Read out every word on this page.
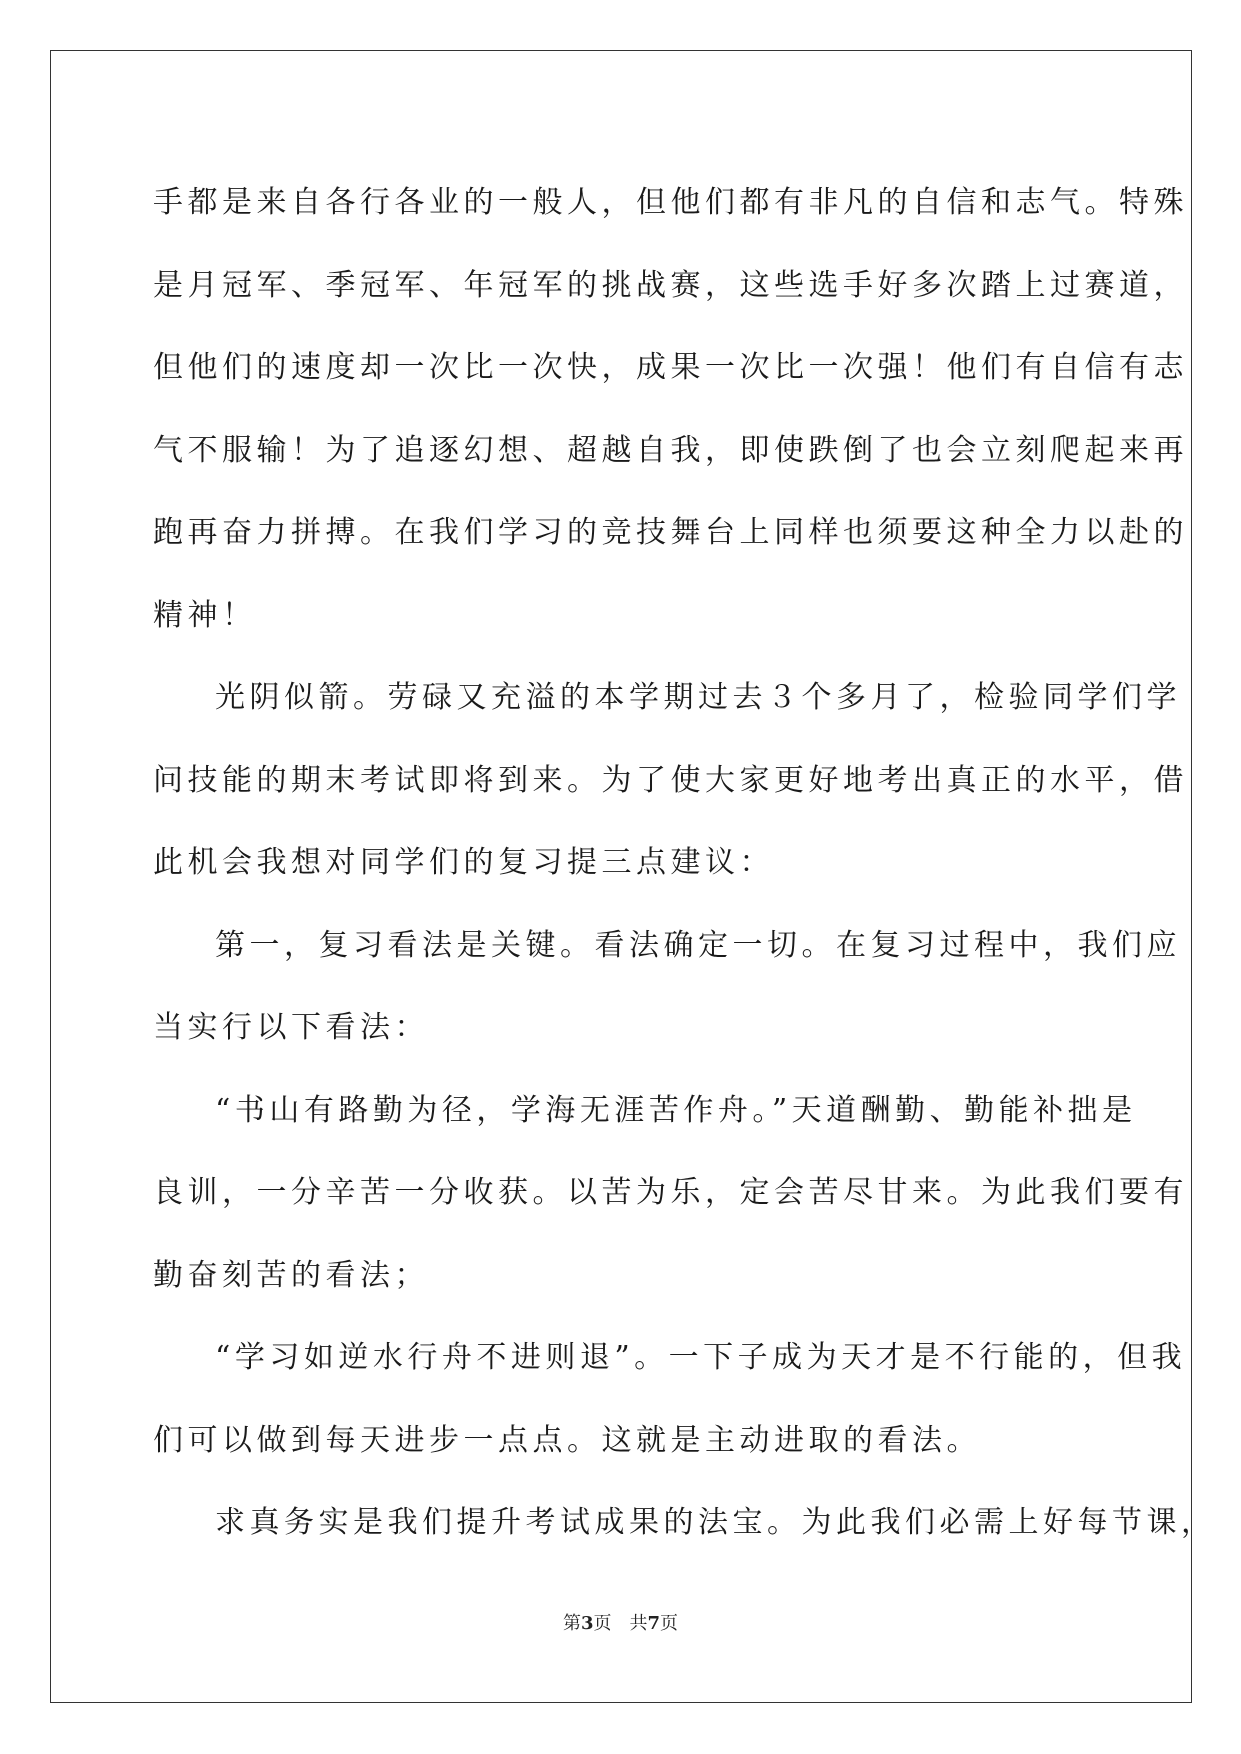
手都是来自各行各业的一般人，但他们都有非凡的自信和志气。特殊
是月冠军、季冠军、年冠军的挑战赛，这些选手好多次踏上过赛道，
但他们的速度却一次比一次快，成果一次比一次强！他们有自信有志
气不服输！为了追逐幻想、超越自我，即使跌倒了也会立刻爬起来再
跑再奋力拼搏。在我们学习的竞技舞台上同样也须要这种全力以赴的
精神！
光阴似箭。劳碌又充溢的本学期过去３个多月了，检验同学们学
问技能的期末考试即将到来。为了使大家更好地考出真正的水平，借
此机会我想对同学们的复习提三点建议：
第一，复习看法是关键。看法确定一切。在复习过程中，我们应
当实行以下看法：
“书山有路勤为径，学海无涯苦作舟。”天道酬勤、勤能补拙是
良训，一分辛苦一分收获。以苦为乐，定会苦尽甘来。为此我们要有
勤奋刻苦的看法；
“学习如逆水行舟不进则退”。一下子成为天才是不行能的，但我
们可以做到每天进步一点点。这就是主动进取的看法。
求真务实是我们提升考试成果的法宝。为此我们必需上好每节课，
第3页 共7页
